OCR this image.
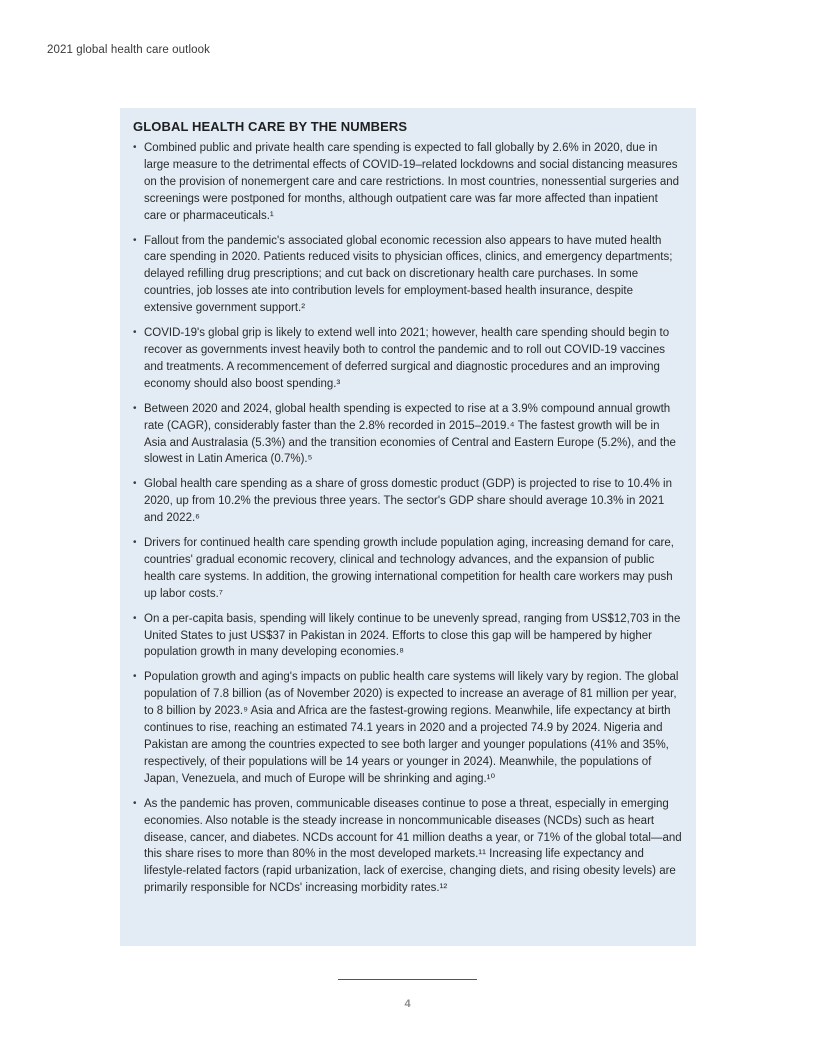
2021 global health care outlook
GLOBAL HEALTH CARE BY THE NUMBERS
• Combined public and private health care spending is expected to fall globally by 2.6% in 2020, due in large measure to the detrimental effects of COVID-19–related lockdowns and social distancing measures on the provision of nonemergent care and care restrictions. In most countries, nonessential surgeries and screenings were postponed for months, although outpatient care was far more affected than inpatient care or pharmaceuticals.¹
• Fallout from the pandemic's associated global economic recession also appears to have muted health care spending in 2020. Patients reduced visits to physician offices, clinics, and emergency departments; delayed refilling drug prescriptions; and cut back on discretionary health care purchases. In some countries, job losses ate into contribution levels for employment-based health insurance, despite extensive government support.²
• COVID-19's global grip is likely to extend well into 2021; however, health care spending should begin to recover as governments invest heavily both to control the pandemic and to roll out COVID-19 vaccines and treatments. A recommencement of deferred surgical and diagnostic procedures and an improving economy should also boost spending.³
• Between 2020 and 2024, global health spending is expected to rise at a 3.9% compound annual growth rate (CAGR), considerably faster than the 2.8% recorded in 2015–2019.⁴ The fastest growth will be in Asia and Australasia (5.3%) and the transition economies of Central and Eastern Europe (5.2%), and the slowest in Latin America (0.7%).⁵
• Global health care spending as a share of gross domestic product (GDP) is projected to rise to 10.4% in 2020, up from 10.2% the previous three years. The sector's GDP share should average 10.3% in 2021 and 2022.⁶
• Drivers for continued health care spending growth include population aging, increasing demand for care, countries' gradual economic recovery, clinical and technology advances, and the expansion of public health care systems. In addition, the growing international competition for health care workers may push up labor costs.⁷
• On a per-capita basis, spending will likely continue to be unevenly spread, ranging from US$12,703 in the United States to just US$37 in Pakistan in 2024. Efforts to close this gap will be hampered by higher population growth in many developing economies.⁸
• Population growth and aging's impacts on public health care systems will likely vary by region. The global population of 7.8 billion (as of November 2020) is expected to increase an average of 81 million per year, to 8 billion by 2023.⁹ Asia and Africa are the fastest-growing regions. Meanwhile, life expectancy at birth continues to rise, reaching an estimated 74.1 years in 2020 and a projected 74.9 by 2024. Nigeria and Pakistan are among the countries expected to see both larger and younger populations (41% and 35%, respectively, of their populations will be 14 years or younger in 2024). Meanwhile, the populations of Japan, Venezuela, and much of Europe will be shrinking and aging.¹⁰
• As the pandemic has proven, communicable diseases continue to pose a threat, especially in emerging economies. Also notable is the steady increase in noncommunicable diseases (NCDs) such as heart disease, cancer, and diabetes. NCDs account for 41 million deaths a year, or 71% of the global total—and this share rises to more than 80% in the most developed markets.¹¹ Increasing life expectancy and lifestyle-related factors (rapid urbanization, lack of exercise, changing diets, and rising obesity levels) are primarily responsible for NCDs' increasing morbidity rates.¹²
4
